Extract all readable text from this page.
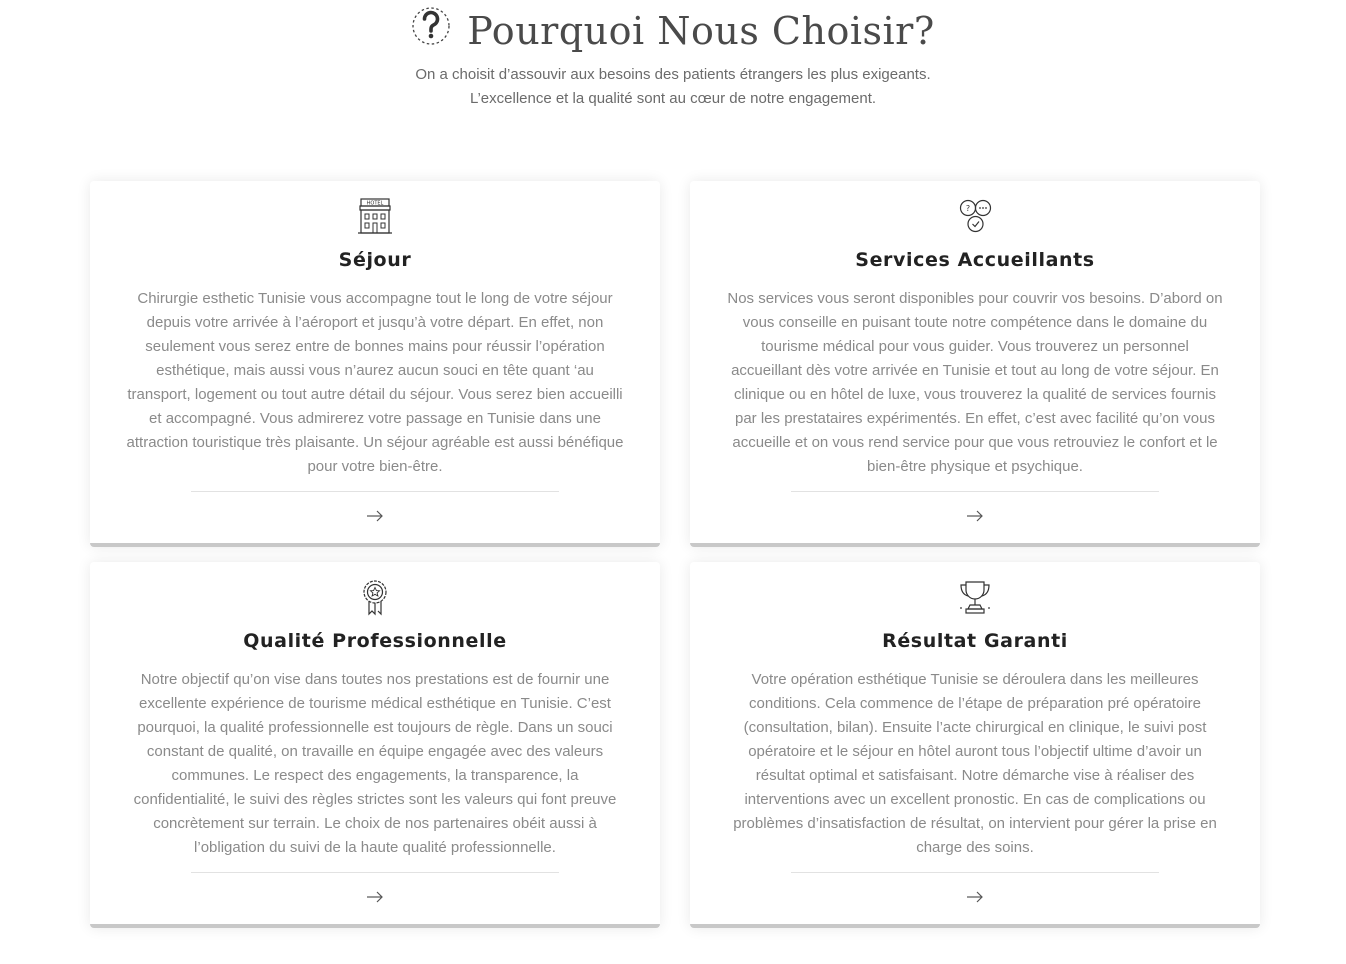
Pourquoi Nous Choisir?
On a choisit d’assouvir aux besoins des patients étrangers les plus exigeants.
L’excellence et la qualité sont au cœur de notre engagement.
HOTEL
Séjour
Chirurgie esthetic Tunisie vous accompagne tout le long de votre séjour depuis votre arrivée à l’aéroport et jusqu’à votre départ. En effet, non seulement vous serez entre de bonnes mains pour réussir l’opération esthétique, mais aussi vous n’aurez aucun souci en tête quant ‘au transport, logement ou tout autre détail du séjour. Vous serez bien accueilli et accompagné. Vous admirerez votre passage en Tunisie dans une attraction touristique très plaisante. Un séjour agréable est aussi bénéfique pour votre bien-être.
?
Services Accueillants
Nos services vous seront disponibles pour couvrir vos besoins. D’abord on vous conseille en puisant toute notre compétence dans le domaine du tourisme médical pour vous guider. Vous trouverez un personnel accueillant dès votre arrivée en Tunisie et tout au long de votre séjour. En clinique ou en hôtel de luxe, vous trouverez la qualité de services fournis par les prestataires expérimentés. En effet, c’est avec facilité qu’on vous accueille et on vous rend service pour que vous retrouviez le confort et le bien-être physique et psychique.
Qualité Professionnelle
Notre objectif qu’on vise dans toutes nos prestations est de fournir une excellente expérience de tourisme médical esthétique en Tunisie. C’est pourquoi, la qualité professionnelle est toujours de règle. Dans un souci constant de qualité, on travaille en équipe engagée avec des valeurs communes. Le respect des engagements, la transparence, la confidentialité, le suivi des règles strictes sont les valeurs qui font preuve concrètement sur terrain. Le choix de nos partenaires obéit aussi à l’obligation du suivi de la haute qualité professionnelle.
Résultat Garanti
Votre opération esthétique Tunisie se déroulera dans les meilleures conditions. Cela commence de l’étape de préparation pré opératoire (consultation, bilan). Ensuite l’acte chirurgical en clinique, le suivi post opératoire et le séjour en hôtel auront tous l’objectif ultime d’avoir un résultat optimal et satisfaisant. Notre démarche vise à réaliser des interventions avec un excellent pronostic. En cas de complications ou problèmes d’insatisfaction de résultat, on intervient pour gérer la prise en charge des soins.
